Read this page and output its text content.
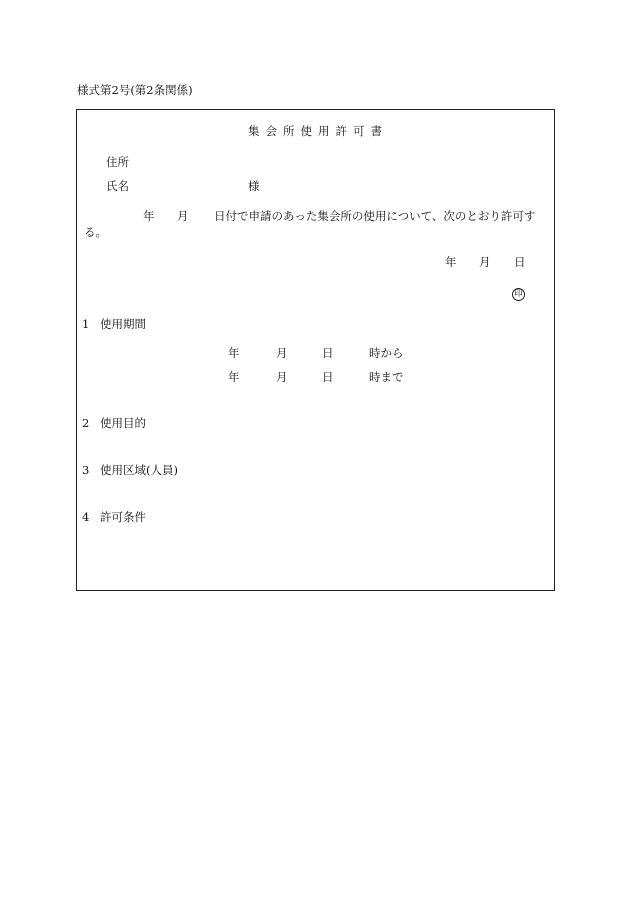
様式第2号(第2条関係)
集会所使用許可書
住所
氏名	様
年 月 日付で申請のあった集会所の使用について、次のとおり許可す
る。
年 月 日
印
1 使用期間
年	月	日	時から
年	月	日	時まで
2 使用目的
3 使用区域(人員)
4 許可条件
